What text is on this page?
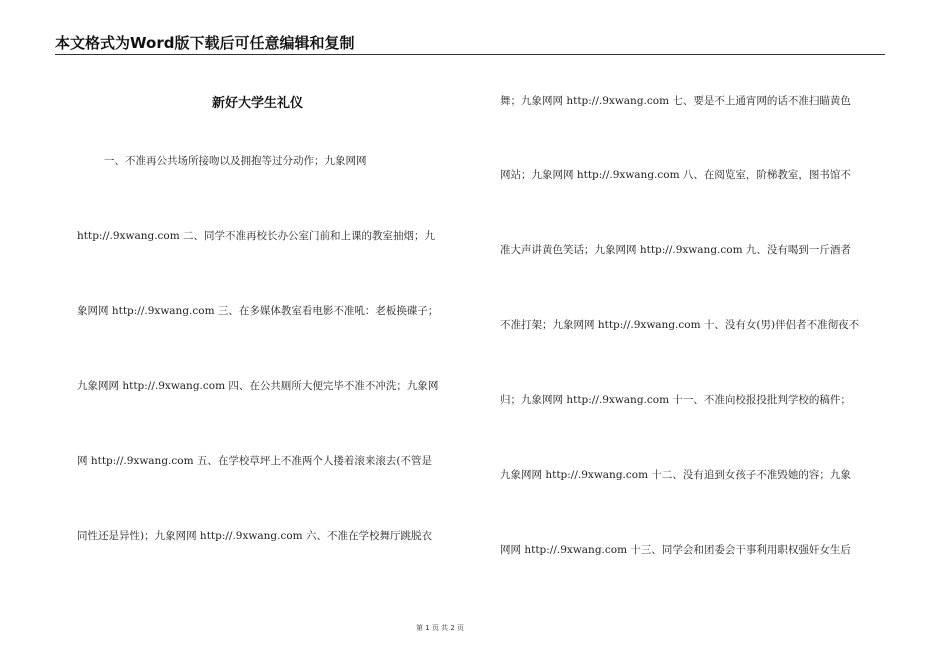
本文格式为Word版下载后可任意编辑和复制
新好大学生礼仪
一、不准再公共场所接吻以及拥抱等过分动作；九象网网
http://.9xwang.com 二、同学不准再校长办公室门前和上课的教室抽烟；九
象网网 http://.9xwang.com 三、在多媒体教室看电影不准吼：老板换碟子；
九象网网 http://.9xwang.com 四、在公共厕所大便完毕不准不冲洗；九象网
网 http://.9xwang.com 五、在学校草坪上不准两个人搂着滚来滚去(不管是
同性还是异性)；九象网网 http://.9xwang.com 六、不准在学校舞厅跳脱衣
舞；九象网网 http://.9xwang.com 七、要是不上通宵网的话不准扫瞄黄色
网站；九象网网 http://.9xwang.com 八、在阅览室，阶梯教室，图书馆不
准大声讲黄色笑话；九象网网 http://.9xwang.com 九、没有喝到一斤酒者
不准打架；九象网网 http://.9xwang.com 十、没有女(男)伴侣者不准彻夜不
归；九象网网 http://.9xwang.com 十一、不准向校报投批判学校的稿件；
九象网网 http://.9xwang.com 十二、没有追到女孩子不准毁她的容；九象
网网 http://.9xwang.com 十三、同学会和团委会干事利用职权强奸女生后
第 1 页 共 2 页
